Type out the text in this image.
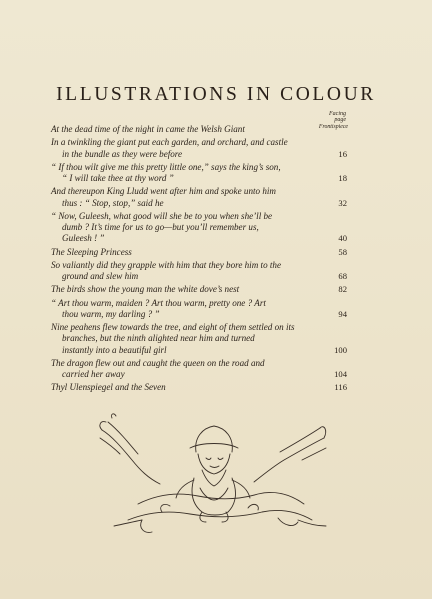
ILLUSTRATIONS IN COLOUR
Facing
page
At the dead time of the night in came the Welsh Giant	Frontispiece
In a twinkling the giant put each garden, and orchard, and castle
in the bundle as they were before	16
“ If thou wilt give me this pretty little one,” says the king’s son,
“ I will take thee at thy word ”	18
And thereupon King Lludd went after him and spoke unto him
thus : “ Stop, stop,” said he	32
“ Now, Guleesh, what good will she be to you when she’ll be
dumb ? It’s time for us to go—but you’ll remember us,
Guleesh ! ”	40
The Sleeping Princess	58
So valiantly did they grapple with him that they bore him to the
ground and slew him	68
The birds show the young man the white dove’s nest	82
“ Art thou warm, maiden ? Art thou warm, pretty one ? Art
thou warm, my darling ? ”	94
Nine peahens flew towards the tree, and eight of them settled on its
branches, but the ninth alighted near him and turned
instantly into a beautiful girl	100
The dragon flew out and caught the queen on the road and
carried her away	104
Thyl Ulenspiegel and the Seven	116
